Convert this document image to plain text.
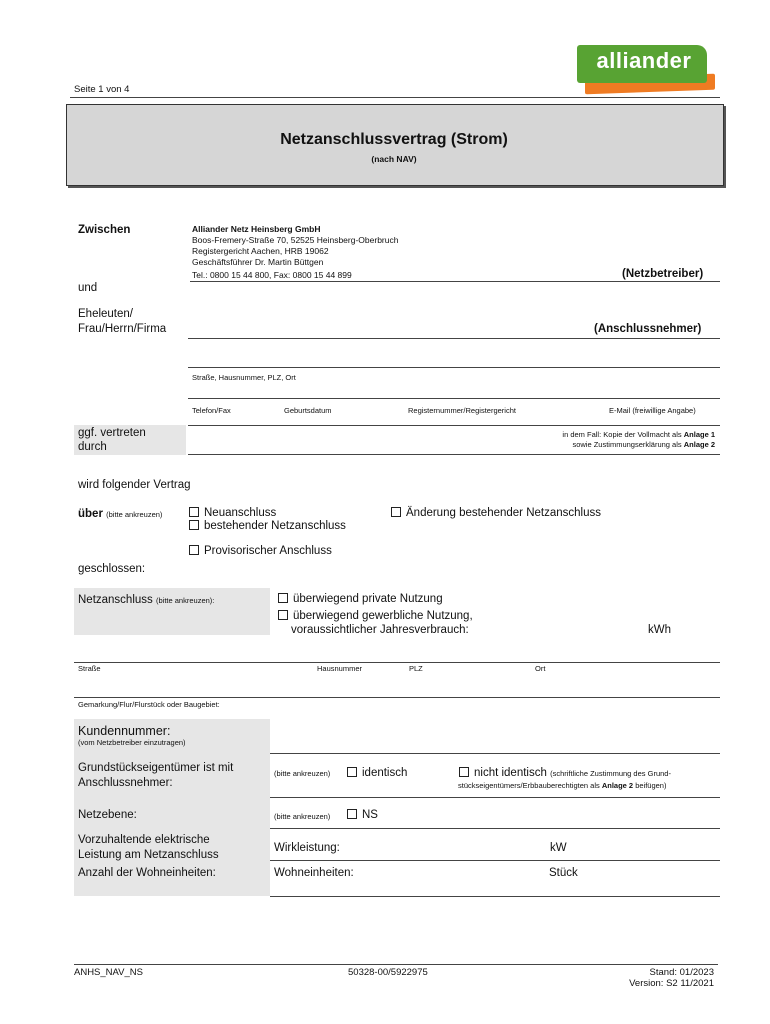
alliander
Seite 1 von 4
Netzanschlussvertrag (Strom)
(nach NAV)
Zwischen	Alliander Netz Heinsberg GmbH
Boos-Fremery-Straße 70, 52525 Heinsberg-Oberbruch
Registergericht Aachen, HRB 19062
Geschäftsführer Dr. Martin Büttgen
Tel.: 0800 15 44 800, Fax: 0800 15 44 899	(Netzbetreiber)
und
Eheleuten/
Frau/Herrn/Firma	(Anschlussnehmer)
Straße, Hausnummer, PLZ, Ort
Telefon/Fax	Geburtsdatum	Registernummer/Registergericht	E-Mail (freiwillige Angabe)
ggf. vertreten
durch
in dem Fall: Kopie der Vollmacht als Anlage 1
sowie Zustimmungserklärung als Anlage 2
wird folgender Vertrag
über (bitte ankreuzen)	Neuanschluss
bestehender Netzanschluss
Änderung bestehender Netzanschluss
Provisorischer Anschluss
geschlossen:
Netzanschluss (bitte ankreuzen):	überwiegend private Nutzung
überwiegend gewerbliche Nutzung,
voraussichtlicher Jahresverbrauch:	kWh
Straße	Hausnummer	PLZ	Ort
Gemarkung/Flur/Flurstück oder Baugebiet:
Kundennummer:
(vom Netzbetreiber einzutragen)
Grundstückseigentümer ist mit
Anschlussnehmer:
(bitte ankreuzen)	identisch	nicht identisch (schriftliche Zustimmung des Grund-
stückseigentümers/Erbbauberechtigten als Anlage 2 beifügen)
Netzebene:	(bitte ankreuzen)	NS
Vorzuhaltende elektrische
Leistung am Netzanschluss
Wirkleistung:	kW
Anzahl der Wohneinheiten:	Wohneinheiten:	Stück
ANHS_NAV_NS	50328-00/5922975	Stand: 01/2023
Version: S2 11/2021
